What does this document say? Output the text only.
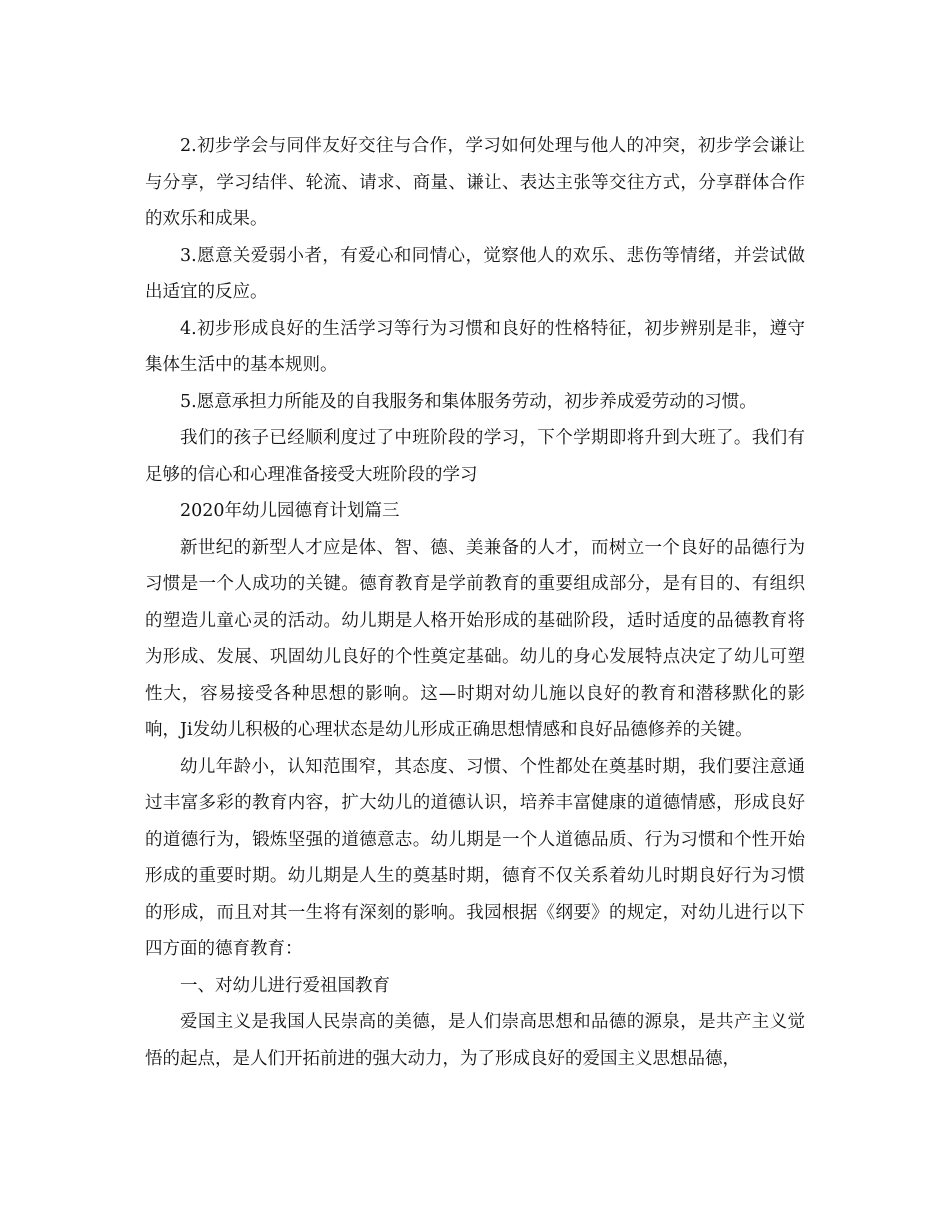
2.初步学会与同伴友好交往与合作，学习如何处理与他人的冲突，初步学会谦让与分享，学习结伴、轮流、请求、商量、谦让、表达主张等交往方式，分享群体合作的欢乐和成果。

3.愿意关爱弱小者，有爱心和同情心，觉察他人的欢乐、悲伤等情绪，并尝试做出适宜的反应。

4.初步形成良好的生活学习等行为习惯和良好的性格特征，初步辨别是非，遵守集体生活中的基本规则。

5.愿意承担力所能及的自我服务和集体服务劳动，初步养成爱劳动的习惯。

我们的孩子已经顺利度过了中班阶段的学习，下个学期即将升到大班了。我们有足够的信心和心理准备接受大班阶段的学习

2020年幼儿园德育计划篇三

新世纪的新型人才应是体、智、德、美兼备的人才，而树立一个良好的品德行为习惯是一个人成功的关键。德育教育是学前教育的重要组成部分，是有目的、有组织的塑造儿童心灵的活动。幼儿期是人格开始形成的基础阶段，适时适度的品德教育将为形成、发展、巩固幼儿良好的个性奠定基础。幼儿的身心发展特点决定了幼儿可塑性大，容易接受各种思想的影响。这—时期对幼儿施以良好的教育和潜移默化的影响，Ji发幼儿积极的心理状态是幼儿形成正确思想情感和良好品德修养的关键。

幼儿年龄小，认知范围窄，其态度、习惯、个性都处在奠基时期，我们要注意通过丰富多彩的教育内容，扩大幼儿的道德认识，培养丰富健康的道德情感，形成良好的道德行为，锻炼坚强的道德意志。幼儿期是一个人道德品质、行为习惯和个性开始形成的重要时期。幼儿期是人生的奠基时期，德育不仅关系着幼儿时期良好行为习惯的形成，而且对其一生将有深刻的影响。我园根据《纲要》的规定，对幼儿进行以下四方面的德育教育：

一、对幼儿进行爱祖国教育

爱国主义是我国人民崇高的美德，是人们崇高思想和品德的源泉，是共产主义觉悟的起点，是人们开拓前进的强大动力，为了形成良好的爱国主义思想品德，
